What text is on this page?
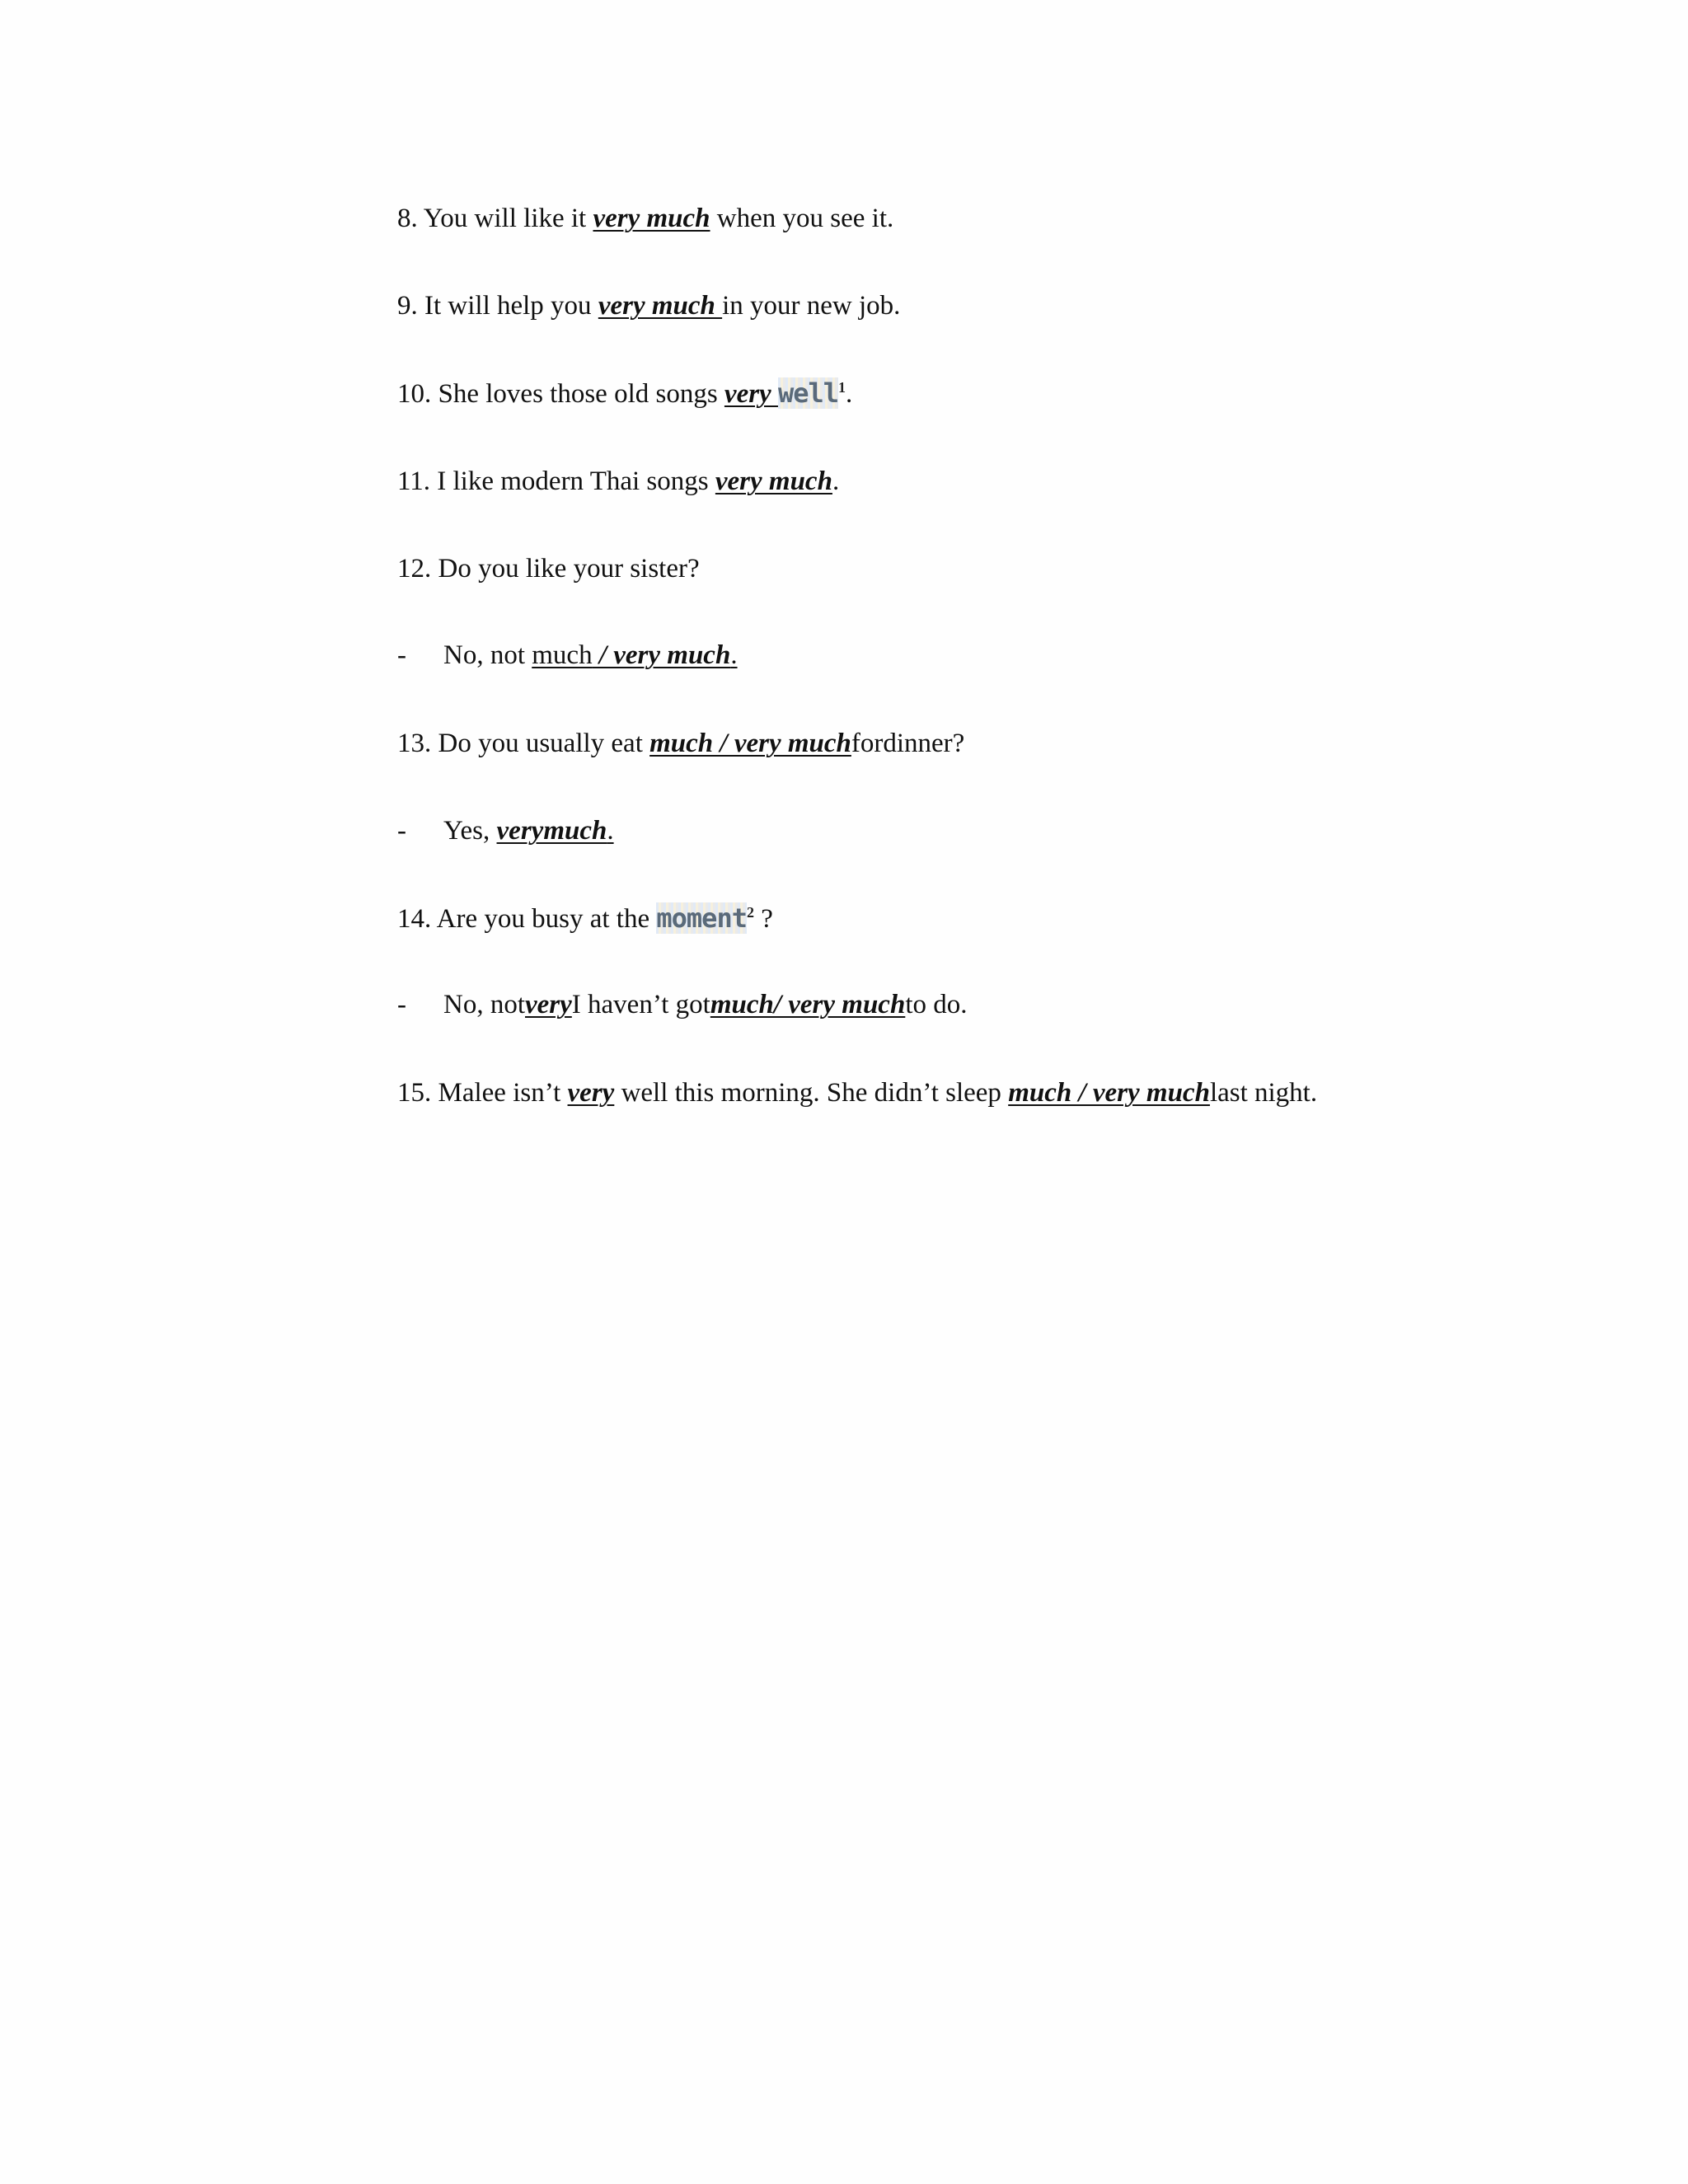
8. You will like it very much when you see it.
9. It will help you very much in your new job.
10. She loves those old songs very well$^1$.
11. I like modern Thai songs very much.
12. Do you like your sister?
- No, not much / very much.
13. Do you usually eat much / very muchfordinner?
- Yes, verymuch.
14. Are you busy at the moment$^2$ ?
- No, notveryI haven’t gotmuch/ very muchto do.
15. Malee isn’t very well this morning. She didn’t sleep much / very muchlast night.
